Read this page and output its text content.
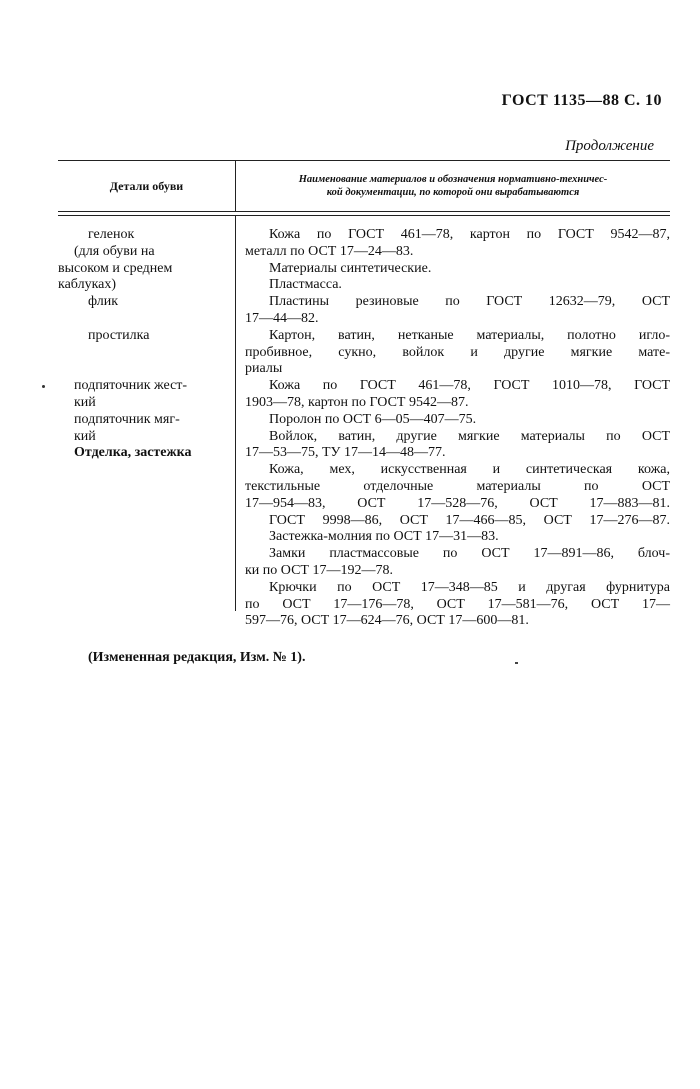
ГОСТ 1135—88 С. 10
Продолжение
Детали обуви	Наименование материалов и обозначения нормативно-техничес-
кой документации, по которой они вырабатываются
геленок
(для обуви на
высоком и среднем
каблуках)
флик

простилка

подпяточник жест-
кий
подпяточник мяг-
кий
Отделка, застежка
Кожа по ГОСТ 461—78, картон по ГОСТ 9542—87,
металл по ОСТ 17—24—83.
Материалы синтетические.
Пластмасса.
Пластины резиновые по ГОСТ 12632—79, ОСТ
17—44—82.
Картон, ватин, нетканые материалы, полотно игло-
пробивное, сукно, войлок и другие мягкие мате-
риалы
Кожа по ГОСТ 461—78, ГОСТ 1010—78, ГОСТ
1903—78, картон по ГОСТ 9542—87.
Поролон по ОСТ 6—05—407—75.
Войлок, ватин, другие мягкие материалы по ОСТ
17—53—75, ТУ 17—14—48—77.
Кожа, мех, искусственная и синтетическая кожа,
текстильные отделочные материалы по ОСТ
17—954—83, ОСТ 17—528—76, ОСТ 17—883—81.
ГОСТ 9998—86, ОСТ 17—466—85, ОСТ 17—276—87.
Застежка-молния по ОСТ 17—31—83.
Замки пластмассовые по ОСТ 17—891—86, блоч-
ки по ОСТ 17—192—78.
Крючки по ОСТ 17—348—85 и другая фурнитура
по ОСТ 17—176—78, ОСТ 17—581—76, ОСТ 17—
597—76, ОСТ 17—624—76, ОСТ 17—600—81.
(Измененная редакция, Изм. № 1).
